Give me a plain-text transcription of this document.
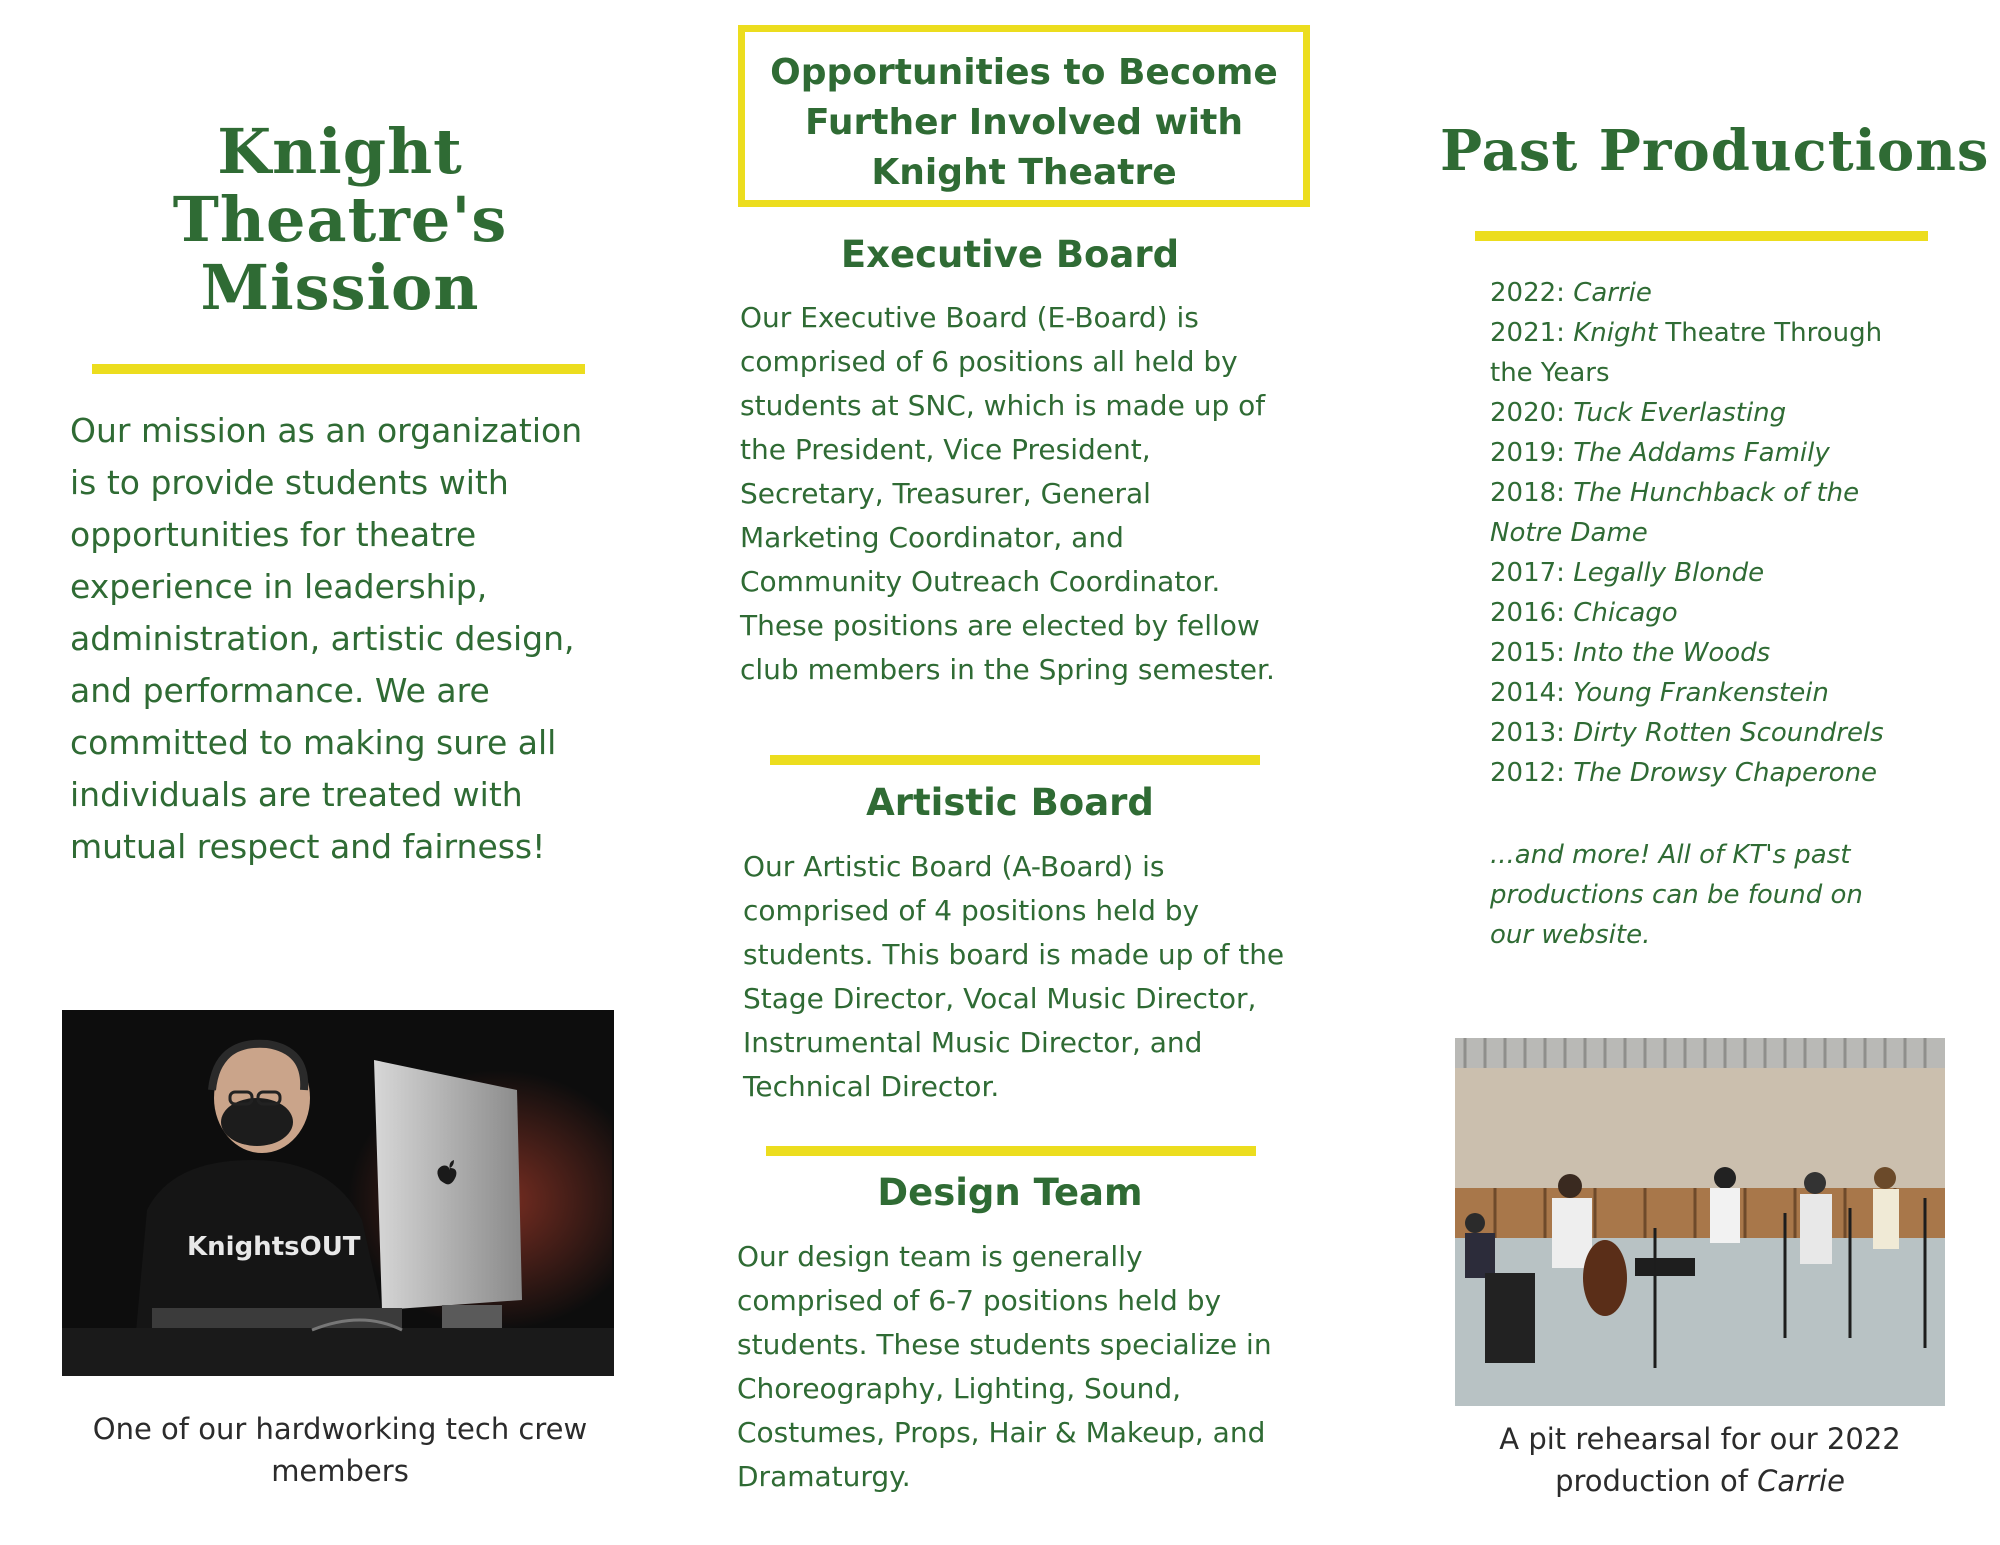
Knight
Theatre's
Mission
Our mission as an organization is to provide students with opportunities for theatre experience in leadership, administration, artistic design, and performance. We are committed to making sure all individuals are treated with mutual respect and fairness!
KnightsOUT
One of our hardworking tech crew members
Opportunities to Become Further Involved with Knight Theatre
Executive Board
Our Executive Board (E-Board) is comprised of 6 positions all held by students at SNC, which is made up of the President, Vice President, Secretary, Treasurer, General Marketing Coordinator, and Community Outreach Coordinator. These positions are elected by fellow club members in the Spring semester.
Artistic Board
Our Artistic Board (A-Board) is comprised of 4 positions held by students. This board is made up of the Stage Director, Vocal Music Director, Instrumental Music Director, and Technical Director.
Design Team
Our design team is generally comprised of 6-7 positions held by students. These students specialize in Choreography, Lighting, Sound, Costumes, Props, Hair & Makeup, and Dramaturgy.
Past Productions
2022: Carrie
2021: Knight Theatre Through the Years
2020: Tuck Everlasting
2019: The Addams Family
2018: The Hunchback of the Notre Dame
2017: Legally Blonde
2016: Chicago
2015: Into the Woods
2014: Young Frankenstein
2013: Dirty Rotten Scoundrels
2012: The Drowsy Chaperone
...and more! All of KT's past productions can be found on our website.
A pit rehearsal for our 2022 production of Carrie
